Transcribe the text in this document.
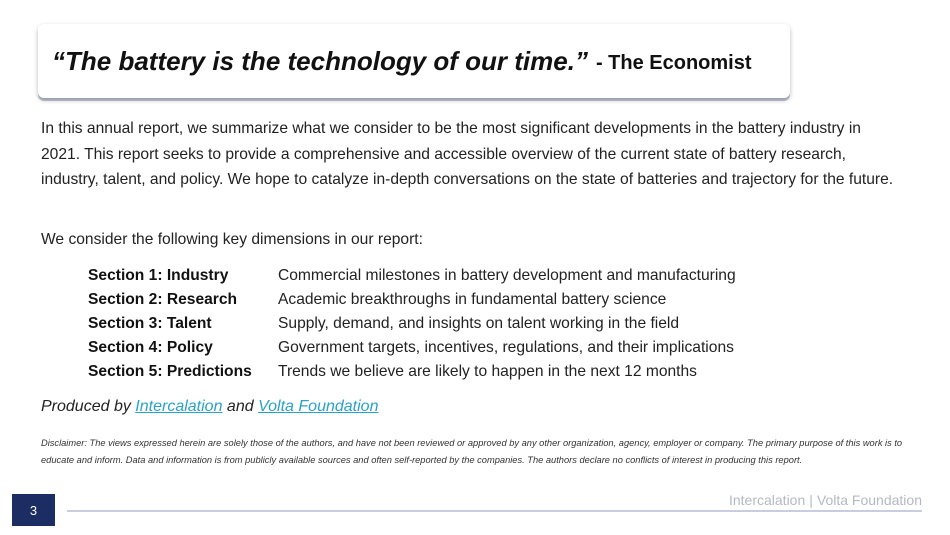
“The battery is the technology of our time.” - The Economist
In this annual report, we summarize what we consider to be the most significant developments in the battery industry in 2021. This report seeks to provide a comprehensive and accessible overview of the current state of battery research, industry, talent, and policy. We hope to catalyze in-depth conversations on the state of batteries and trajectory for the future.
We consider the following key dimensions in our report:
Section 1: Industry	Commercial milestones in battery development and manufacturing
Section 2: Research	Academic breakthroughs in fundamental battery science
Section 3: Talent	Supply, demand, and insights on talent working in the field
Section 4: Policy	Government targets, incentives, regulations, and their implications
Section 5: Predictions	Trends we believe are likely to happen in the next 12 months
Produced by Intercalation and Volta Foundation
Disclaimer: The views expressed herein are solely those of the authors, and have not been reviewed or approved by any other organization, agency, employer or company. The primary purpose of this work is to educate and inform. Data and information is from publicly available sources and often self-reported by the companies. The authors declare no conflicts of interest in producing this report.
3
Intercalation | Volta Foundation
